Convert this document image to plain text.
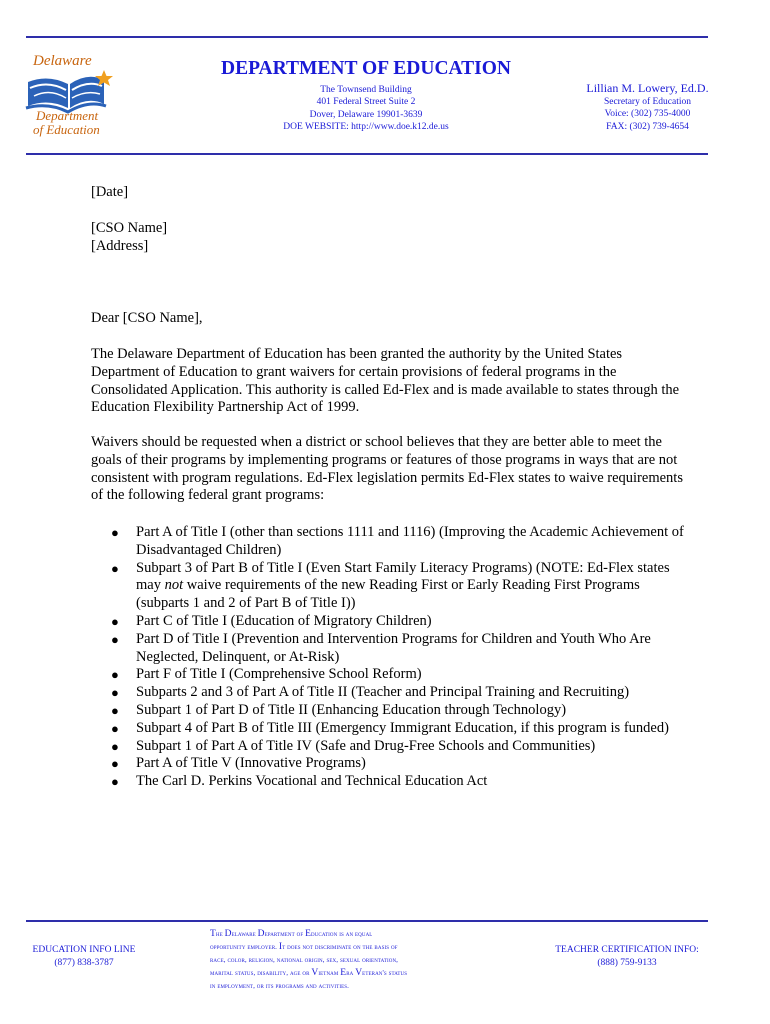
Delaware
Department
of Education
DEPARTMENT OF EDUCATION
The Townsend Building
401 Federal Street Suite 2
Dover, Delaware 19901-3639
DOE WEBSITE: http://www.doe.k12.de.us
Lillian M. Lowery, Ed.D.
Secretary of Education
Voice: (302) 735-4000
FAX: (302) 739-4654
[Date]
[CSO Name]
[Address]
Dear [CSO Name],
The Delaware Department of Education has been granted the authority by the United States Department of Education to grant waivers for certain provisions of federal programs in the Consolidated Application. This authority is called Ed-Flex and is made available to states through the Education Flexibility Partnership Act of 1999.
Waivers should be requested when a district or school believes that they are better able to meet the goals of their programs by implementing programs or features of those programs in ways that are not consistent with program regulations. Ed-Flex legislation permits Ed-Flex states to waive requirements of the following federal grant programs:
● Part A of Title I (other than sections 1111 and 1116) (Improving the Academic Achievement of Disadvantaged Children)
● Subpart 3 of Part B of Title I (Even Start Family Literacy Programs) (NOTE: Ed-Flex states may not waive requirements of the new Reading First or Early Reading First Programs (subparts 1 and 2 of Part B of Title I))
● Part C of Title I (Education of Migratory Children)
● Part D of Title I (Prevention and Intervention Programs for Children and Youth Who Are Neglected, Delinquent, or At-Risk)
● Part F of Title I (Comprehensive School Reform)
● Subparts 2 and 3 of Part A of Title II (Teacher and Principal Training and Recruiting)
● Subpart 1 of Part D of Title II (Enhancing Education through Technology)
● Subpart 4 of Part B of Title III (Emergency Immigrant Education, if this program is funded)
● Subpart 1 of Part A of Title IV (Safe and Drug-Free Schools and Communities)
● Part A of Title V (Innovative Programs)
● The Carl D. Perkins Vocational and Technical Education Act
EDUCATION INFO LINE
(877) 838-3787
The Delaware Department of Education is an equal
opportunity employer. It does not discriminate on the basis of
race, color, religion, national origin, sex, sexual orientation,
marital status, disability, age or Vietnam Era Veteran's status
in employment, or its programs and activities.
TEACHER CERTIFICATION INFO:
(888) 759-9133
